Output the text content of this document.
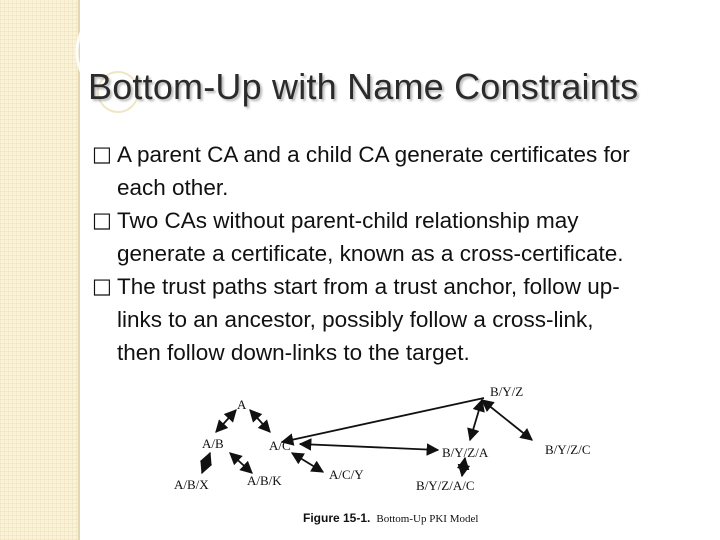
Bottom-Up with Name Constraints
□ A parent CA and a child CA generate certificates for
each other.
□ Two CAs without parent-child relationship may
generate a certificate, known as a cross-certificate.
□ The trust paths start from a trust anchor, follow up-
links to an ancestor, possibly follow a cross-link,
then follow down-links to the target.
A
A/B	A/C
A/B/X	A/B/K	A/C/Y
B/Y/Z
B/Y/Z/A	B/Y/Z/C
B/Y/Z/A/C
Figure 15-1. Bottom-Up PKI Model
